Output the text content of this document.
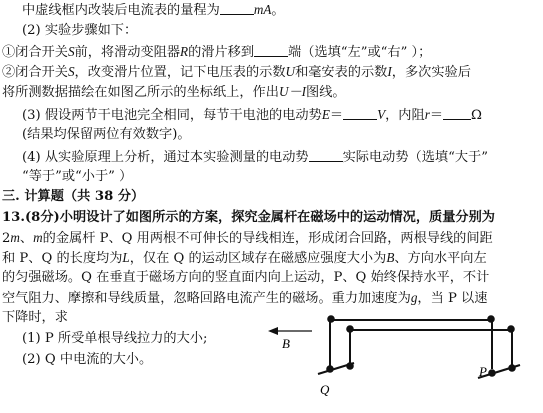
中虚线框内改装后电流表的量程为	mA。
(2) 实验步骤如下：
①闭合开关S前，将滑动变阻器R的滑片移到	端（选填“左”或“右” ）；
②闭合开关S，改变滑片位置，记下电压表的示数U和毫安表的示数I，多次实验后
将所测数据描绘在如图乙所示的坐标纸上，作出U－I图线。
(3) 假设两节干电池完全相同，每节干电池的电动势E＝	V，内阻r＝ Ω
(结果均保留两位有效数字)。
(4) 从实验原理上分析，通过本实验测量的电动势	实际电动势（选填“大于”
“等于”或“小于” ）
三. 计算题（共 38 分）
13.(8分)小明设计了如图所示的方案，探究金属杆在磁场中的运动情况，质量分别为
2m、m的金属杆 P、Q 用两根不可伸长的导线相连，形成闭合回路，两根导线的间距
和 P、Q 的长度均为L，仅在 Q 的运动区域存在磁感应强度大小为B、方向水平向左
的匀强磁场。Q 在垂直于磁场方向的竖直面内向上运动，P、Q 始终保持水平，不计
空气阻力、摩擦和导线质量，忽略回路电流产生的磁场。重力加速度为g，当 P 以速
下降时，求
(1) P 所受单根导线拉力的大小;
(2) Q 中电流的大小。
B
Q
P
